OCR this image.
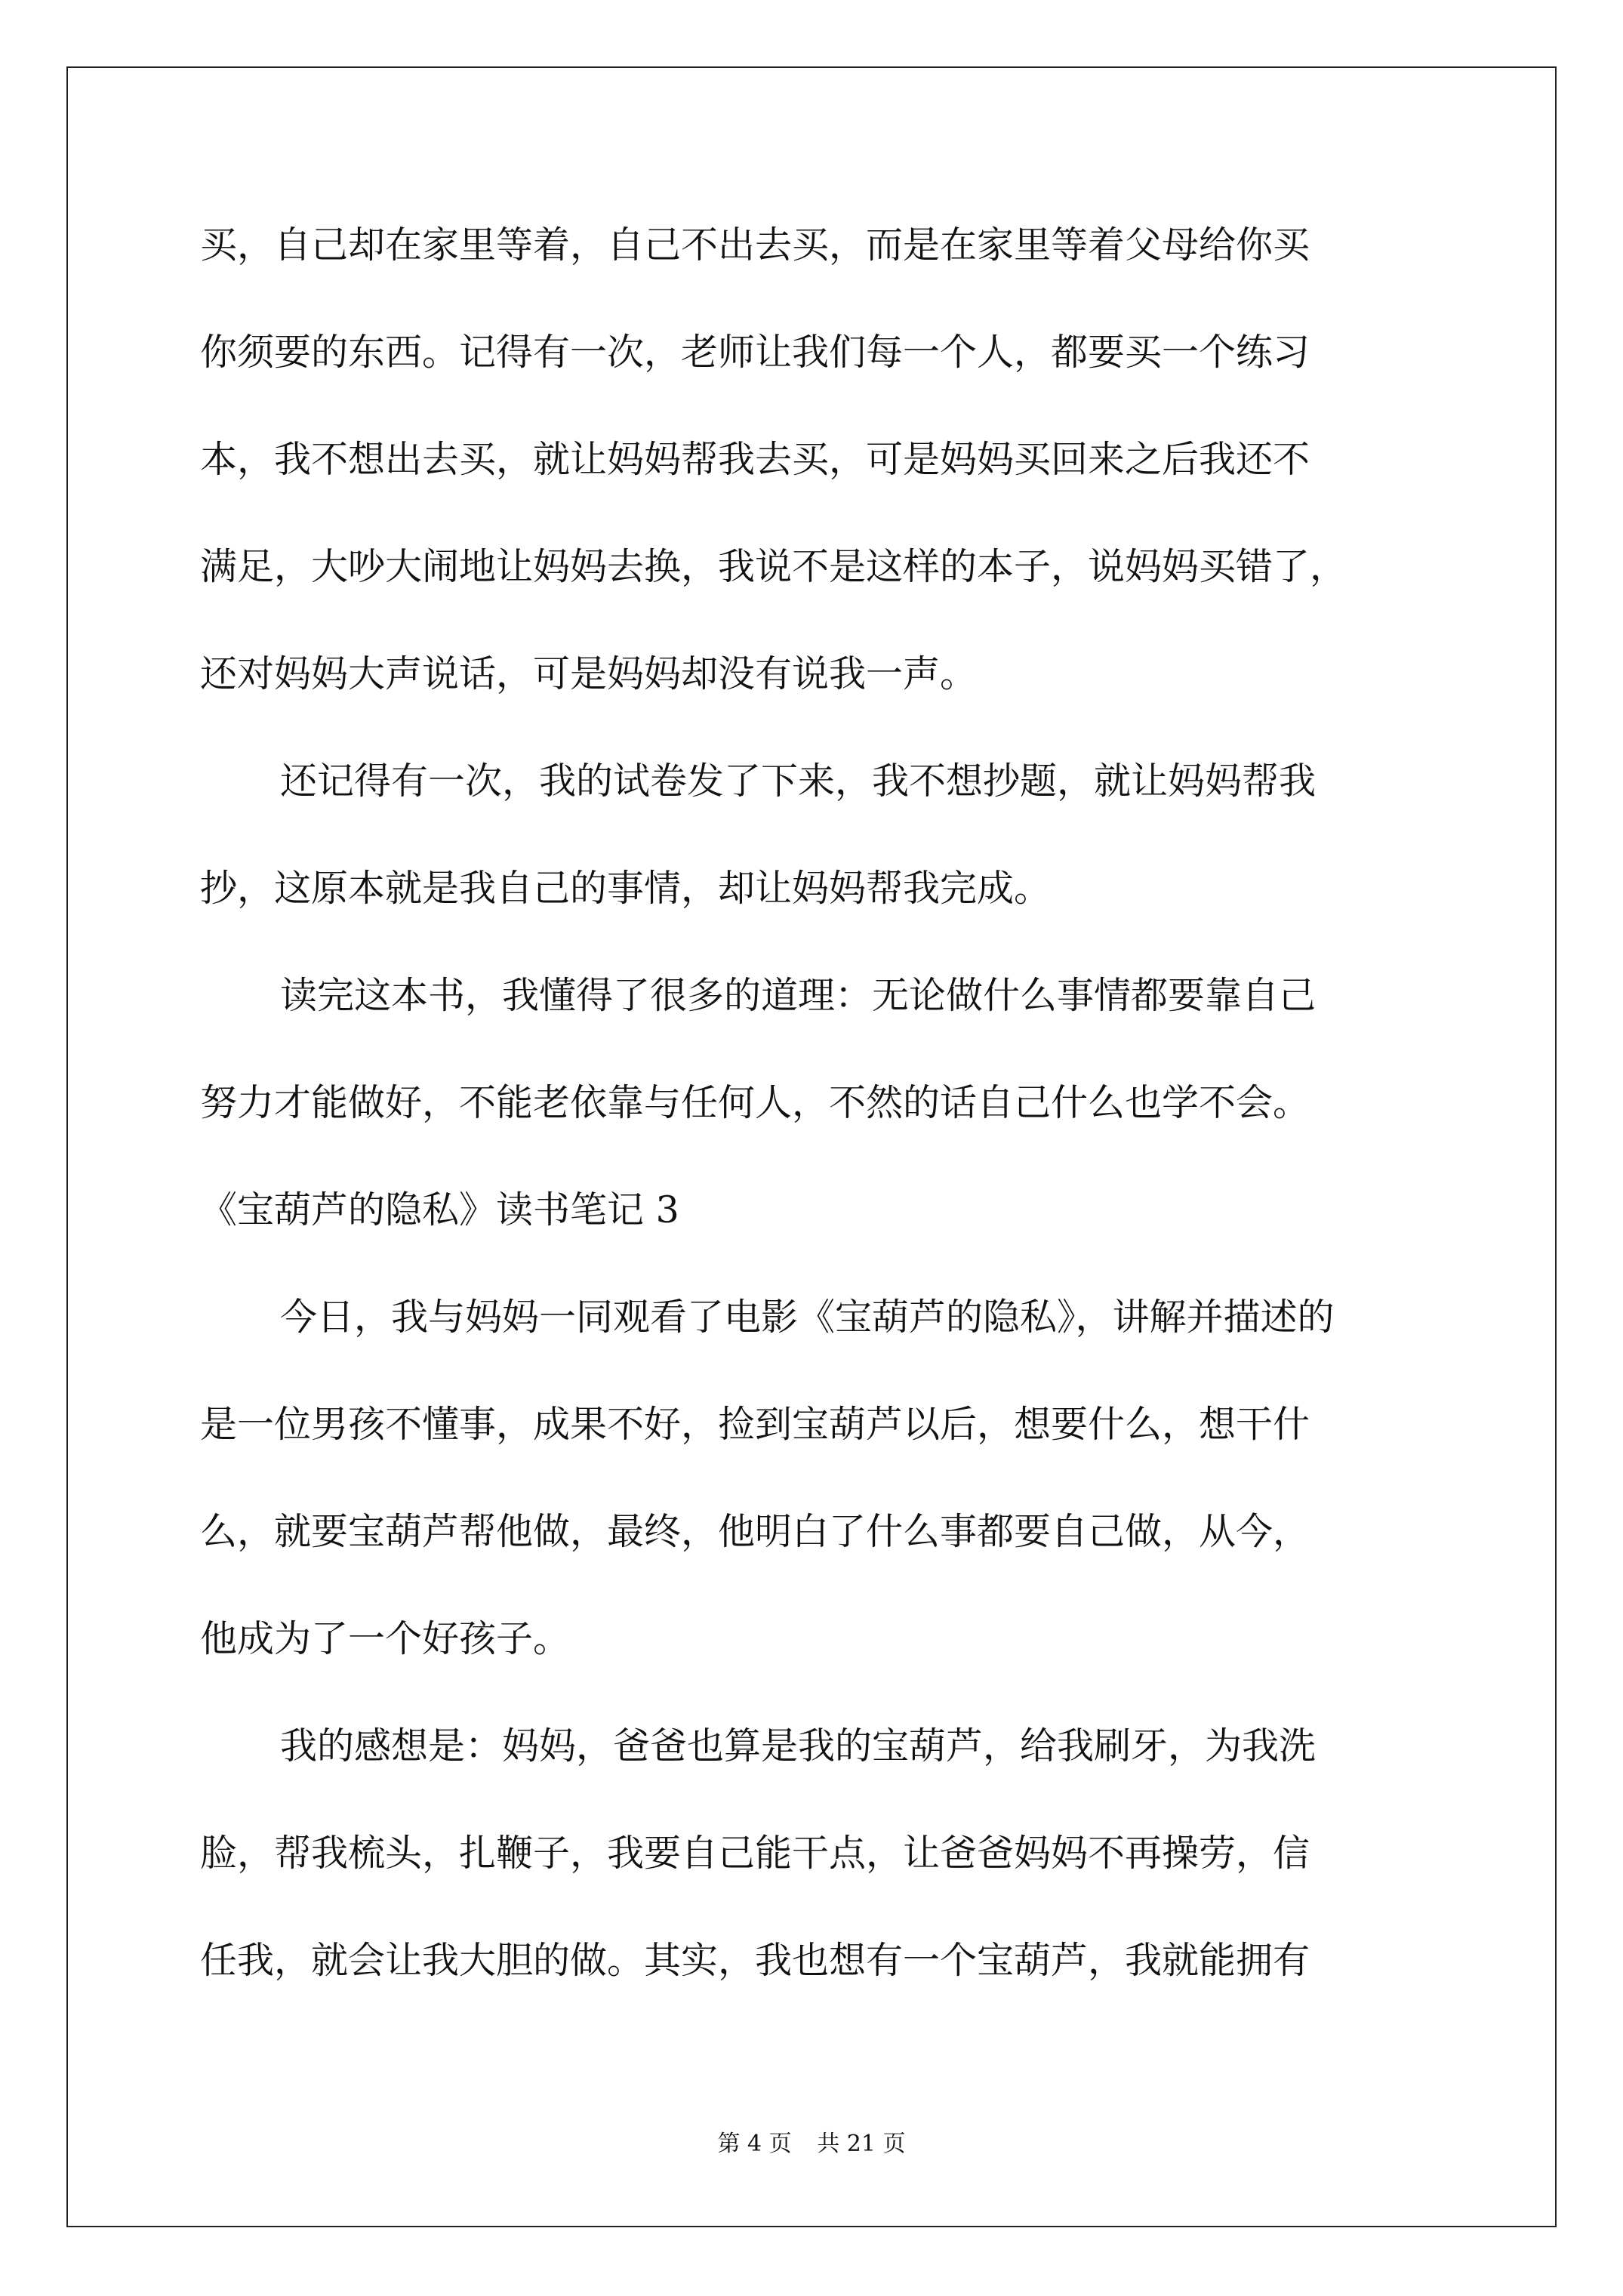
买，自己却在家里等着，自己不出去买，而是在家里等着父母给你买
你须要的东西。记得有一次，老师让我们每一个人，都要买一个练习
本，我不想出去买，就让妈妈帮我去买，可是妈妈买回来之后我还不
满足，大吵大闹地让妈妈去换，我说不是这样的本子，说妈妈买错了，
还对妈妈大声说话，可是妈妈却没有说我一声。
还记得有一次，我的试卷发了下来，我不想抄题，就让妈妈帮我
抄，这原本就是我自己的事情，却让妈妈帮我完成。
读完这本书，我懂得了很多的道理：无论做什么事情都要靠自己
努力才能做好，不能老依靠与任何人，不然的话自己什么也学不会。
《宝葫芦的隐私》读书笔记 3
今日，我与妈妈一同观看了电影《宝葫芦的隐私》，讲解并描述的
是一位男孩不懂事，成果不好，捡到宝葫芦以后，想要什么，想干什
么，就要宝葫芦帮他做，最终，他明白了什么事都要自己做，从今，
他成为了一个好孩子。
我的感想是：妈妈，爸爸也算是我的宝葫芦，给我刷牙，为我洗
脸，帮我梳头，扎鞭子，我要自己能干点，让爸爸妈妈不再操劳，信
任我，就会让我大胆的做。其实，我也想有一个宝葫芦，我就能拥有
第 4 页 共 21 页
